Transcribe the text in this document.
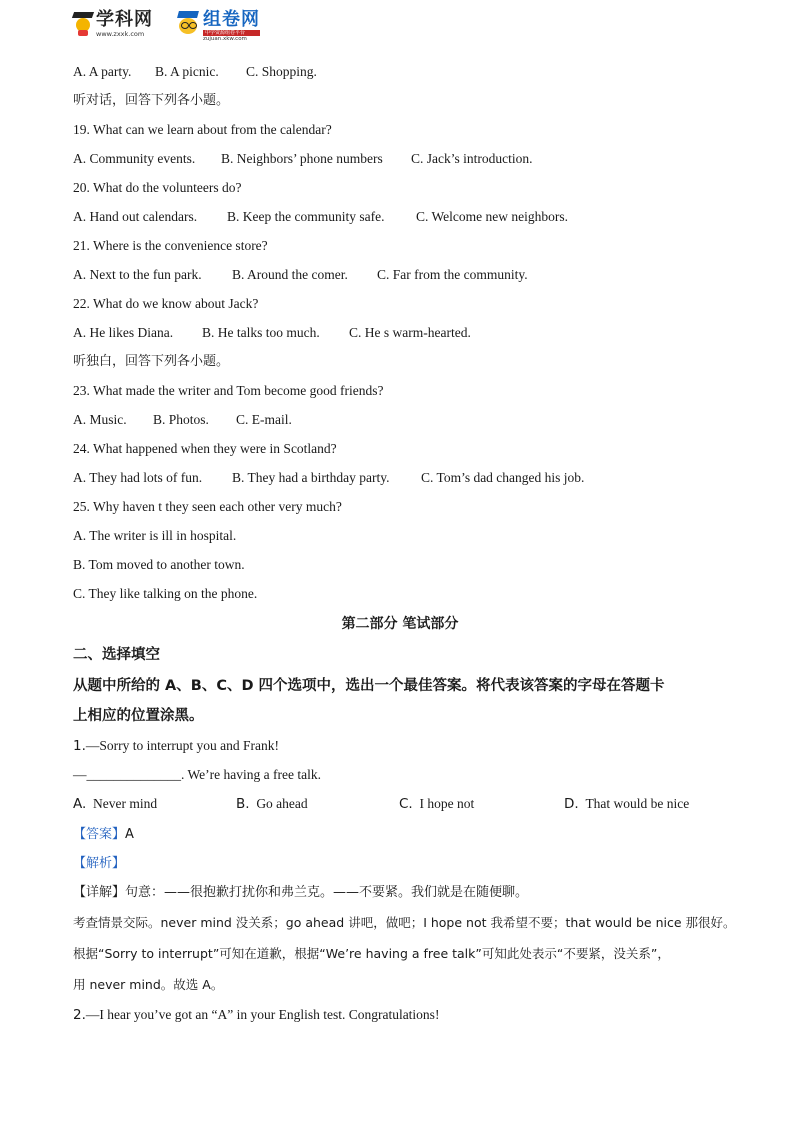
学科网
www.zxxk.com
组卷网
中学资源组卷平台
zujuan.xkw.com
A. A party. B. A picnic. C. Shopping.
听对话，回答下列各小题。
19. What can we learn about from the calendar?
A. Community events. B. Neighbors’ phone numbers C. Jack’s introduction.
20. What do the volunteers do?
A. Hand out calendars. B. Keep the community safe. C. Welcome new neighbors.
21. Where is the convenience store?
A. Next to the fun park. B. Around the comer. C. Far from the community.
22. What do we know about Jack?
A. He likes Diana. B. He talks too much. C. He s warm-hearted.
听独白，回答下列各小题。
23. What made the writer and Tom become good friends?
A. Music. B. Photos. C. E-mail.
24. What happened when they were in Scotland?
A. They had lots of fun. B. They had a birthday party. C. Tom’s dad changed his job.
25. Why haven t they seen each other very much?
A. The writer is ill in hospital.
B. Tom moved to another town.
C. They like talking on the phone.
第二部分 笔试部分
二、选择填空
从题中所给的 A、B、C、D 四个选项中，选出一个最佳答案。将代表该答案的字母在答题卡
上相应的位置涂黑。
1.—Sorry to interrupt you and Frank!
—______________. We’re having a free talk.
A. Never mind	B. Go ahead	C. I hope not	D. That would be nice
【答案】A
【解析】
【详解】句意：——很抱歉打扰你和弗兰克。——不要紧。我们就是在随便聊。
考查情景交际。never mind 没关系；go ahead 讲吧，做吧；I hope not 我希望不要；that would be nice 那很好。
根据“Sorry to interrupt”可知在道歉，根据“We’re having a free talk”可知此处表示“不要紧，没关系”，
用 never mind。故选 A。
2.—I hear you’ve got an “A” in your English test. Congratulations!
